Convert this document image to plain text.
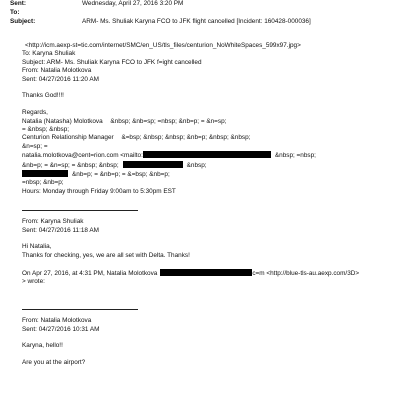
Sent:	Wednesday, April 27, 2016 3:20 PM
To:
Subject:	ARM- Ms. Shuliak Karyna FCO to JFK flight cancelled [Incident: 160428-000036]
<http://icm.aexp-st=tic.com/internet/SMC/en_US/tls_files/centurion_NoWhiteSpaces_599x97.jpg>
To: Karyna Shuliak
Subject: ARM- Ms. Shuliak Karyna FCO to JFK f=ight cancelled
From: Natalia Molotkova
Sent: 04/27/2016 11:20 AM
Thanks God!!!!
Regards,
Natalia (Natasha) Molotkova &nbsp; &nb=sp; =nbsp; &nb=p; = &n=sp;
= &nbsp; &nbsp;
Centurion Relationship Manager &=bsp; &nbsp; &nbsp; &nb=p; &nbsp; &nbsp;
&n=sp; =
natalia.molotkova@cent=rion.com <mailto:	&nbsp; =nbsp;
&nb=p; = &n=sp; = &nbsp; &nbsp;	&nbsp;
&nb=p; = &nb=p; = &=bsp; &nb=p;
=nbsp; &nb=p;
Hours: Monday through Friday 9:00am to 5:30pm EST
From: Karyna Shuliak
Sent: 04/27/2016 11:18 AM
Hi Natalia,
Thanks for checking, yes, we are all set with Delta. Thanks!
On Apr 27, 2016, at 4:31 PM, Natalia Molotkova	c=m <http://blue-tls-au.aexp.com/3D>
> wrote:
From: Natalia Molotkova
Sent: 04/27/2016 10:31 AM
Karyna, hello!!
Are you at the airport?
